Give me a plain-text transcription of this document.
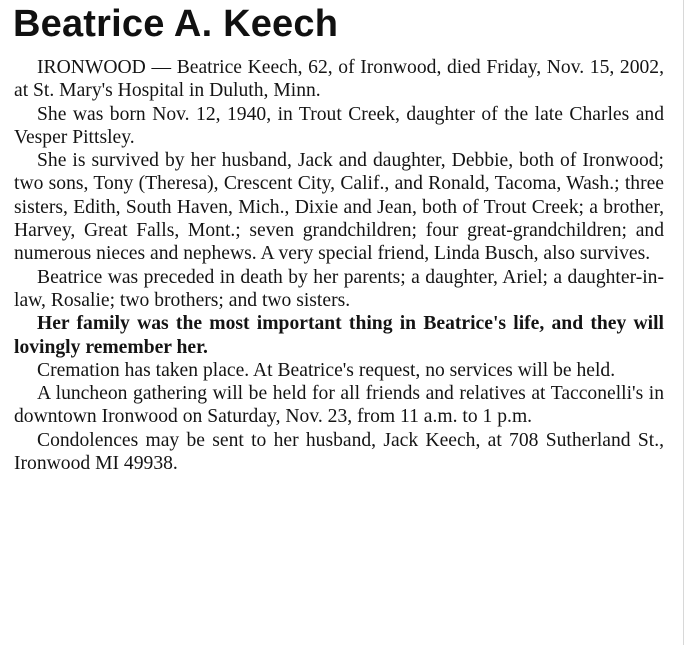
Beatrice A. Keech

IRONWOOD — Beatrice Keech, 62, of Ironwood, died Friday, Nov. 15, 2002, at St. Mary's Hospital in Duluth, Minn.

She was born Nov. 12, 1940, in Trout Creek, daughter of the late Charles and Vesper Pittsley.

She is survived by her husband, Jack and daughter, Debbie, both of Ironwood; two sons, Tony (Theresa), Crescent City, Calif., and Ronald, Tacoma, Wash.; three sisters, Edith, South Haven, Mich., Dixie and Jean, both of Trout Creek; a brother, Harvey, Great Falls, Mont.; seven grandchildren; four great-grandchildren; and numerous nieces and nephews. A very special friend, Linda Busch, also survives.

Beatrice was preceded in death by her parents; a daughter, Ariel; a daughter-in-law, Rosalie; two brothers; and two sisters.

Her family was the most important thing in Beatrice's life, and they will lovingly remember her.

Cremation has taken place. At Beatrice's request, no services will be held.

A luncheon gathering will be held for all friends and relatives at Tacconelli's in downtown Ironwood on Saturday, Nov. 23, from 11 a.m. to 1 p.m.

Condolences may be sent to her husband, Jack Keech, at 708 Sutherland St., Ironwood MI 49938.
